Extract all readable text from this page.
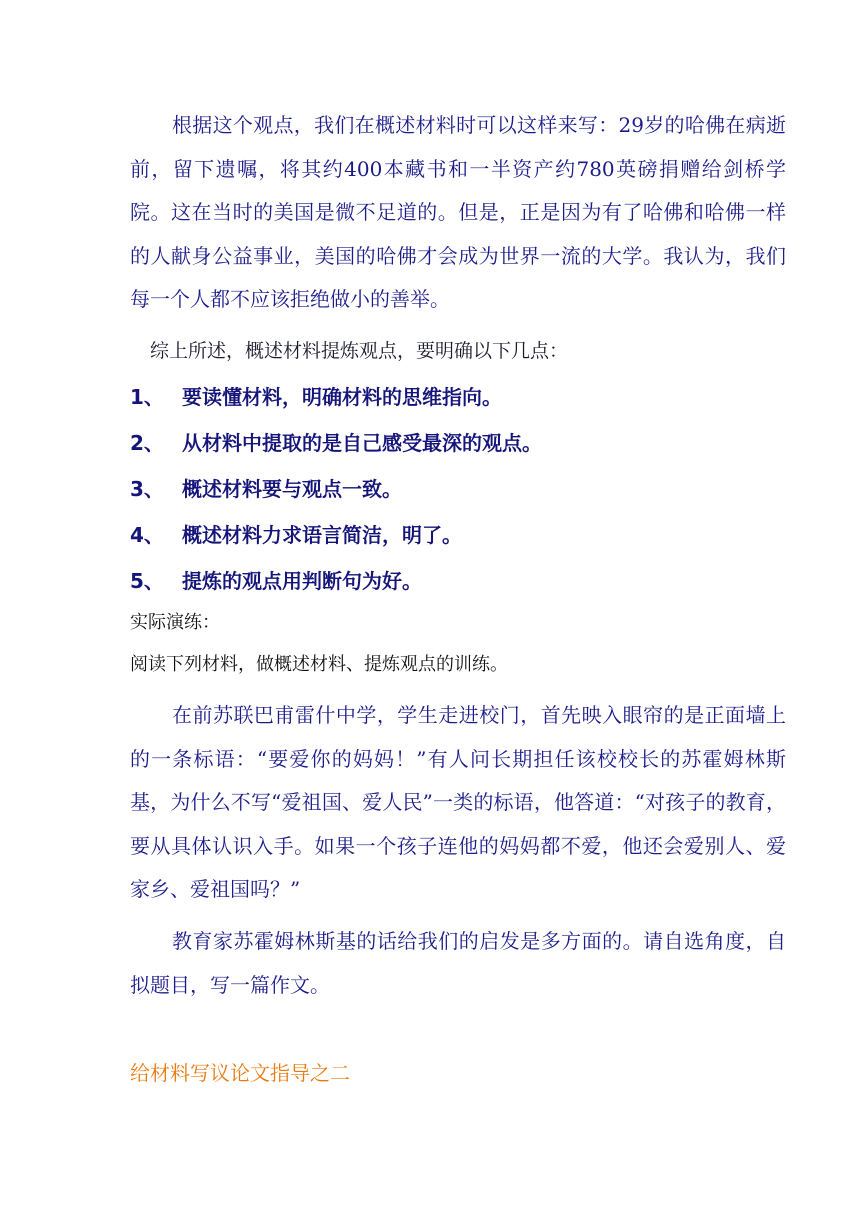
根据这个观点，我们在概述材料时可以这样来写：29岁的哈佛在病逝前，留下遗嘱，将其约400本藏书和一半资产约780英磅捐赠给剑桥学院。这在当时的美国是微不足道的。但是，正是因为有了哈佛和哈佛一样的人献身公益事业，美国的哈佛才会成为世界一流的大学。我认为，我们每一个人都不应该拒绝做小的善举。

综上所述，概述材料提炼观点，要明确以下几点：

1、 要读懂材料，明确材料的思维指向。
2、 从材料中提取的是自己感受最深的观点。
3、 概述材料要与观点一致。
4、 概述材料力求语言简洁，明了。
5、 提炼的观点用判断句为好。

实际演练：

阅读下列材料，做概述材料、提炼观点的训练。

在前苏联巴甫雷什中学，学生走进校门，首先映入眼帘的是正面墙上的一条标语：“要爱你的妈妈！”有人问长期担任该校校长的苏霍姆林斯基，为什么不写“爱祖国、爱人民”一类的标语，他答道：“对孩子的教育，要从具体认识入手。如果一个孩子连他的妈妈都不爱，他还会爱别人、爱家乡、爱祖国吗？”

教育家苏霍姆林斯基的话给我们的启发是多方面的。请自选角度，自拟题目，写一篇作文。

给材料写议论文指导之二
